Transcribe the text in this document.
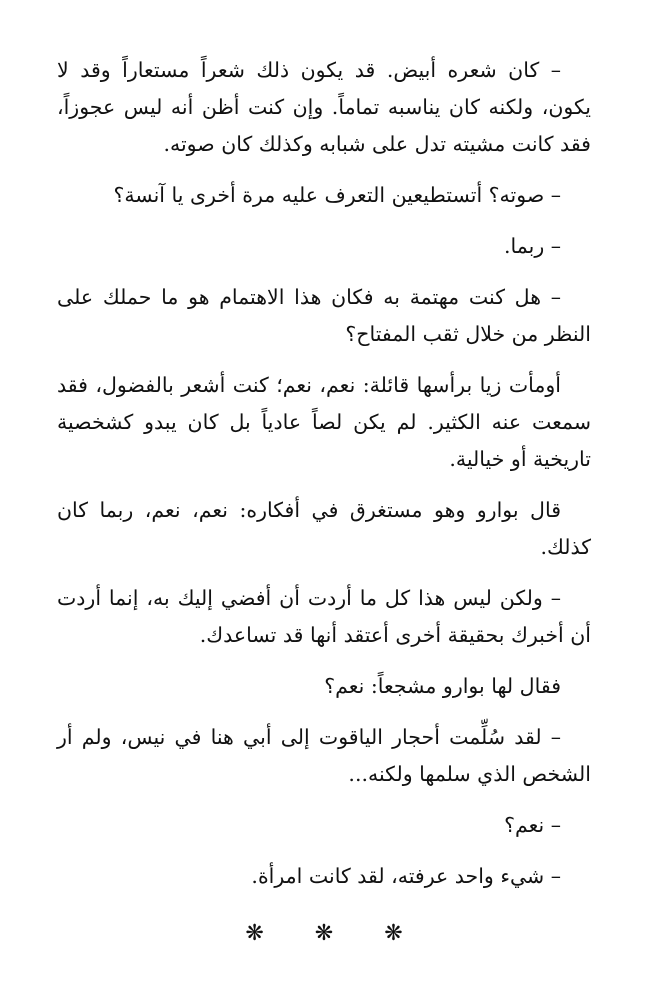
– كان شعره أبيض. قد يكون ذلك شعراً مستعاراً وقد لا يكون، ولكنه كان يناسبه تماماً. وإن كنت أظن أنه ليس عجوزاً، فقد كانت مشيته تدل على شبابه وكذلك كان صوته.

– صوته؟ أتستطيعين التعرف عليه مرة أخرى يا آنسة؟

– ربما.

– هل كنت مهتمة به فكان هذا الاهتمام هو ما حملك على النظر من خلال ثقب المفتاح؟

أومأت زيا برأسها قائلة: نعم، نعم؛ كنت أشعر بالفضول، فقد سمعت عنه الكثير. لم يكن لصاً عادياً بل كان يبدو كشخصية تاريخية أو خيالية.

قال بوارو وهو مستغرق في أفكاره: نعم، نعم، ربما كان كذلك.

– ولكن ليس هذا كل ما أردت أن أفضي إليك به، إنما أردت أن أخبرك بحقيقة أخرى أعتقد أنها قد تساعدك.

فقال لها بوارو مشجعاً: نعم؟

– لقد سُلِّمت أحجار الياقوت إلى أبي هنا في نيس، ولم أر الشخص الذي سلمها ولكنه...

– نعم؟

– شيء واحد عرفته، لقد كانت امرأة.

❋ ❋ ❋
